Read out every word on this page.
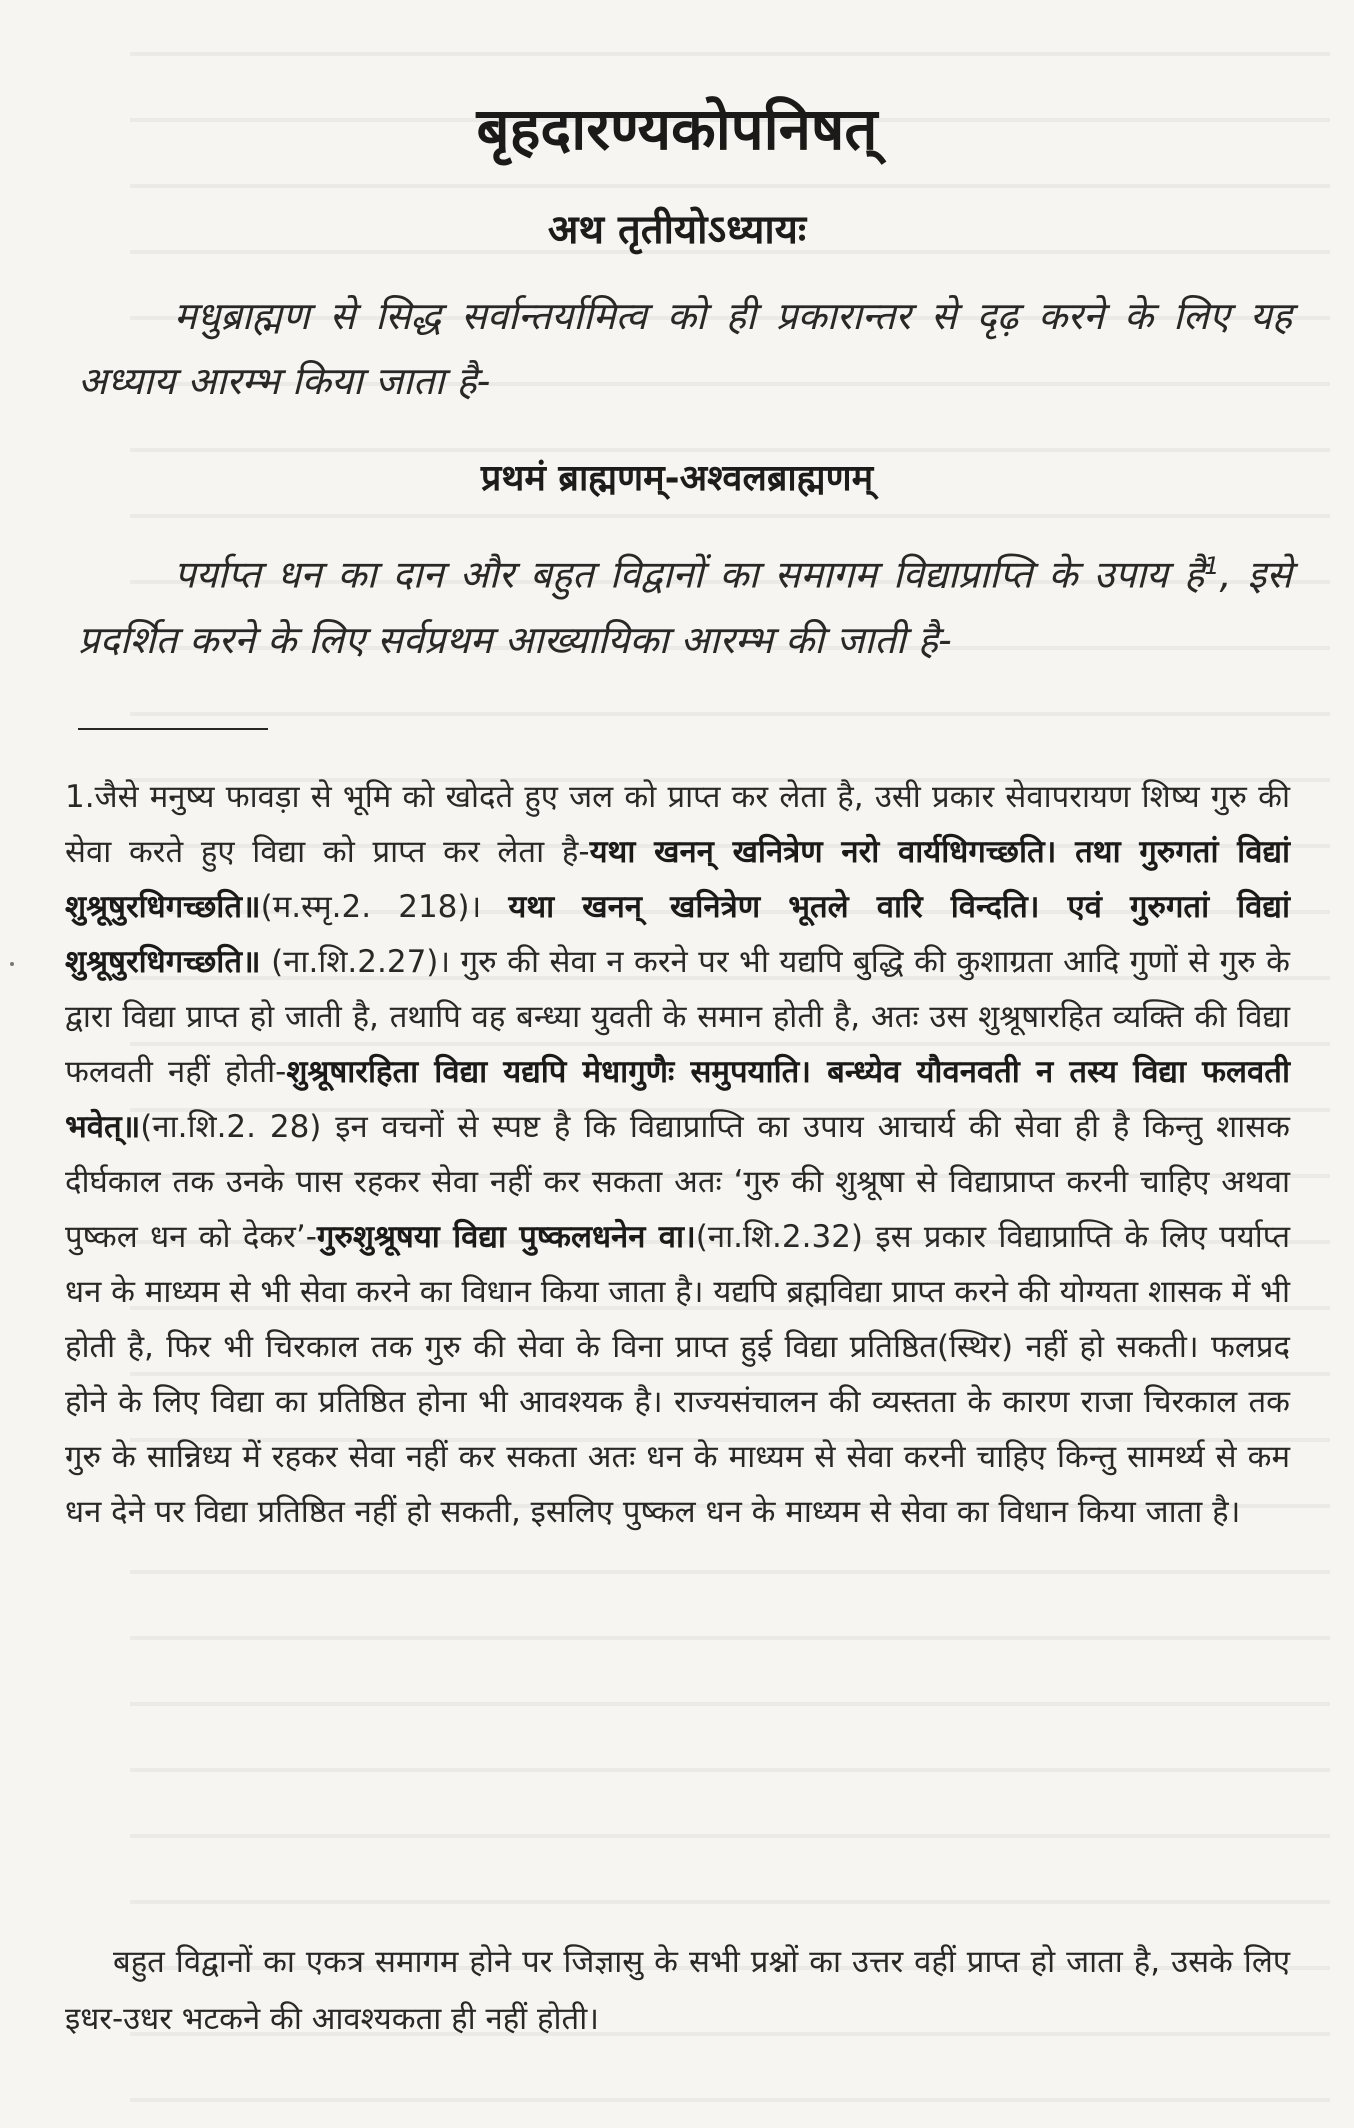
बृहदारण्यकोपनिषत्
अथ तृतीयोऽध्यायः
मधुब्राह्मण से सिद्ध सर्वान्तर्यामित्व को ही प्रकारान्तर से दृढ़ करने के लिए यह अध्याय आरम्भ किया जाता है-
प्रथमं ब्राह्मणम्-अश्वलब्राह्मणम्
पर्याप्त धन का दान और बहुत विद्वानों का समागम विद्याप्राप्ति के उपाय है$^1$, इसे प्रदर्शित करने के लिए सर्वप्रथम आख्यायिका आरम्भ की जाती है-
1.जैसे मनुष्य फावड़ा से भूमि को खोदते हुए जल को प्राप्त कर लेता है, उसी प्रकार सेवापरायण शिष्य गुरु की सेवा करते हुए विद्या को प्राप्त कर लेता है-यथा खनन् खनित्रेण नरो वार्यधिगच्छति। तथा गुरुगतां विद्यां शुश्रूषुरधिगच्छति॥(म.स्मृ.2. 218)। यथा खनन् खनित्रेण भूतले वारि विन्दति। एवं गुरुगतां विद्यां शुश्रूषुरधिगच्छति॥ (ना.शि.2.27)। गुरु की सेवा न करने पर भी यद्यपि बुद्धि की कुशाग्रता आदि गुणों से गुरु के द्वारा विद्या प्राप्त हो जाती है, तथापि वह बन्ध्या युवती के समान होती है, अतः उस शुश्रूषारहित व्यक्ति की विद्या फलवती नहीं होती-शुश्रूषारहिता विद्या यद्यपि मेधागुणैः समुपयाति। बन्ध्येव यौवनवती न तस्य विद्या फलवती भवेत्॥(ना.शि.2. 28) इन वचनों से स्पष्ट है कि विद्याप्राप्ति का उपाय आचार्य की सेवा ही है किन्तु शासक दीर्घकाल तक उनके पास रहकर सेवा नहीं कर सकता अतः ‘गुरु की शुश्रूषा से विद्याप्राप्त करनी चाहिए अथवा पुष्कल धन को देकर’-गुरुशुश्रूषया विद्या पुष्कलधनेन वा।(ना.शि.2.32) इस प्रकार विद्याप्राप्ति के लिए पर्याप्त धन के माध्यम से भी सेवा करने का विधान किया जाता है। यद्यपि ब्रह्मविद्या प्राप्त करने की योग्यता शासक में भी होती है, फिर भी चिरकाल तक गुरु की सेवा के विना प्राप्त हुई विद्या प्रतिष्ठित(स्थिर) नहीं हो सकती। फलप्रद होने के लिए विद्या का प्रतिष्ठित होना भी आवश्यक है। राज्यसंचालन की व्यस्तता के कारण राजा चिरकाल तक गुरु के सान्निध्य में रहकर सेवा नहीं कर सकता अतः धन के माध्यम से सेवा करनी चाहिए किन्तु सामर्थ्य से कम धन देने पर विद्या प्रतिष्ठित नहीं हो सकती, इसलिए पुष्कल धन के माध्यम से सेवा का विधान किया जाता है।
बहुत विद्वानों का एकत्र समागम होने पर जिज्ञासु के सभी प्रश्नों का उत्तर वहीं प्राप्त हो जाता है, उसके लिए इधर-उधर भटकने की आवश्यकता ही नहीं होती।
